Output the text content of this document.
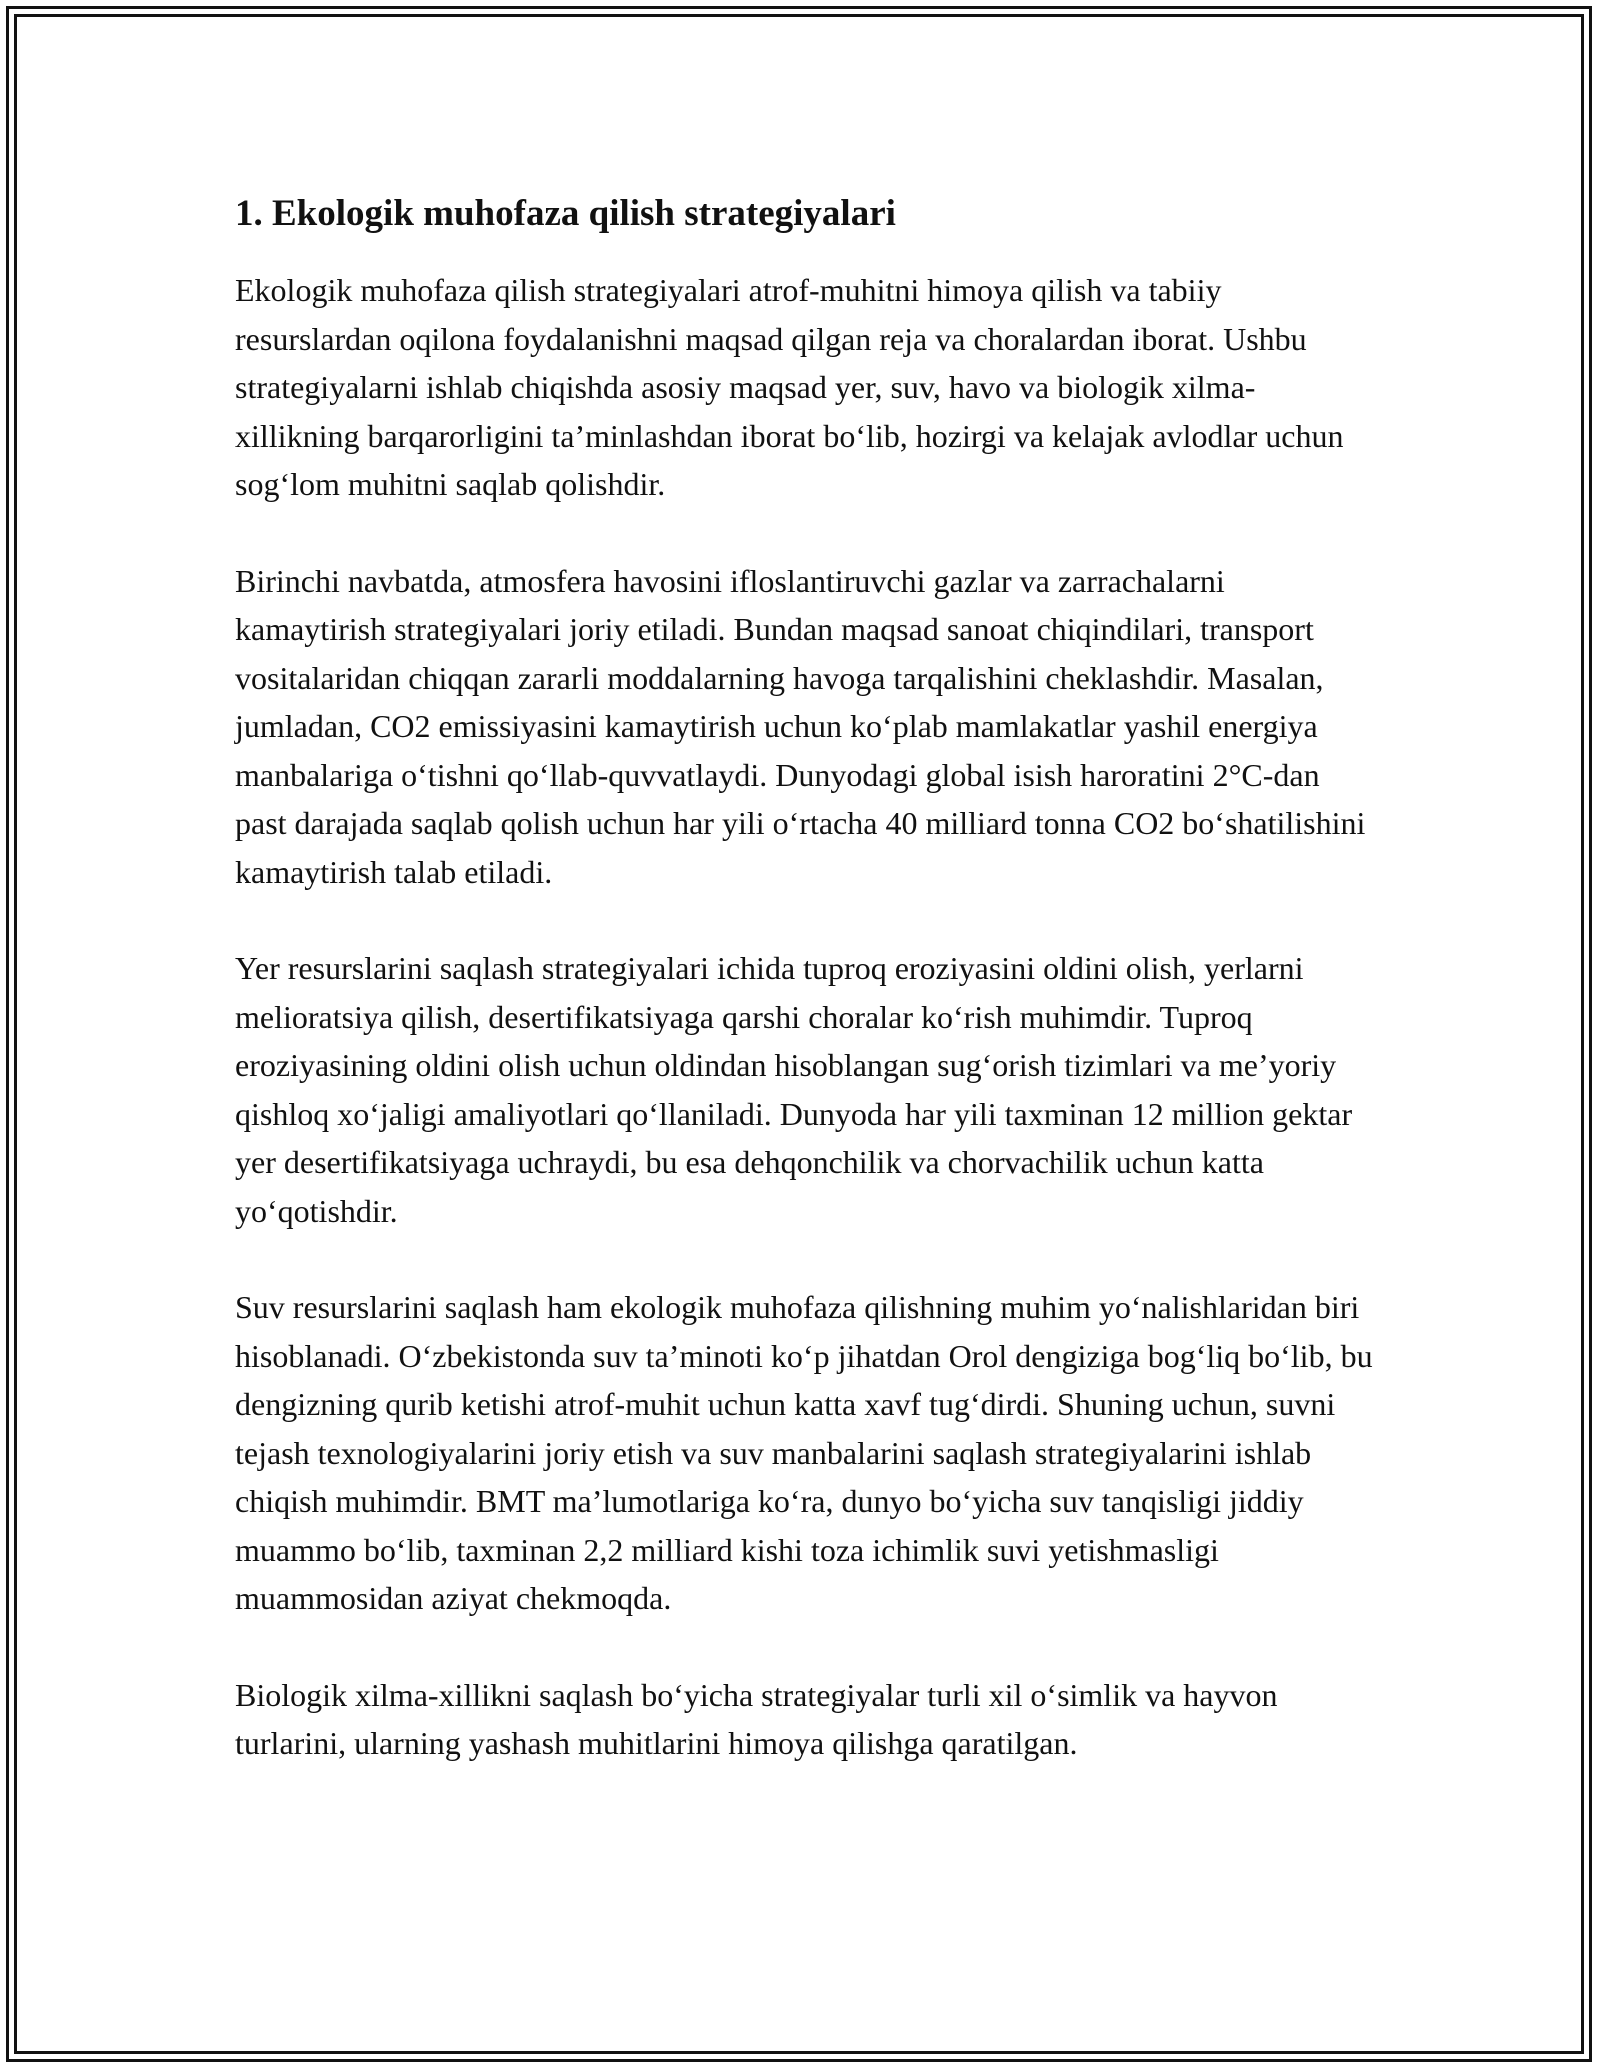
1. Ekologik muhofaza qilish strategiyalari

Ekologik muhofaza qilish strategiyalari atrof-muhitni himoya qilish va tabiiy resurslardan oqilona foydalanishni maqsad qilgan reja va choralardan iborat. Ushbu strategiyalarni ishlab chiqishda asosiy maqsad yer, suv, havo va biologik xilma-xillikning barqarorligini ta’minlashdan iborat bo‘lib, hozirgi va kelajak avlodlar uchun sog‘lom muhitni saqlab qolishdir.

Birinchi navbatda, atmosfera havosini ifloslantiruvchi gazlar va zarrachalarni kamaytirish strategiyalari joriy etiladi. Bundan maqsad sanoat chiqindilari, transport vositalaridan chiqqan zararli moddalarning havoga tarqalishini cheklashdir. Masalan, jumladan, CO2 emissiyasini kamaytirish uchun ko‘plab mamlakatlar yashil energiya manbalariga o‘tishni qo‘llab-quvvatlaydi. Dunyodagi global isish haroratini 2°C-dan past darajada saqlab qolish uchun har yili o‘rtacha 40 milliard tonna CO2 bo‘shatilishini kamaytirish talab etiladi.

Yer resurslarini saqlash strategiyalari ichida tuproq eroziyasini oldini olish, yerlarni melioratsiya qilish, desertifikatsiyaga qarshi choralar ko‘rish muhimdir. Tuproq eroziyasining oldini olish uchun oldindan hisoblangan sug‘orish tizimlari va me’yoriy qishloq xo‘jaligi amaliyotlari qo‘llaniladi. Dunyoda har yili taxminan 12 million gektar yer desertifikatsiyaga uchraydi, bu esa dehqonchilik va chorvachilik uchun katta yo‘qotishdir.

Suv resurslarini saqlash ham ekologik muhofaza qilishning muhim yo‘nalishlaridan biri hisoblanadi. O‘zbekistonda suv ta’minoti ko‘p jihatdan Orol dengiziga bog‘liq bo‘lib, bu dengizning qurib ketishi atrof-muhit uchun katta xavf tug‘dirdi. Shuning uchun, suvni tejash texnologiyalarini joriy etish va suv manbalarini saqlash strategiyalarini ishlab chiqish muhimdir. BMT ma’lumotlariga ko‘ra, dunyo bo‘yicha suv tanqisligi jiddiy muammo bo‘lib, taxminan 2,2 milliard kishi toza ichimlik suvi yetishmasligi muammosidan aziyat chekmoqda.

Biologik xilma-xillikni saqlash bo‘yicha strategiyalar turli xil o‘simlik va hayvon turlarini, ularning yashash muhitlarini himoya qilishga qaratilgan.
